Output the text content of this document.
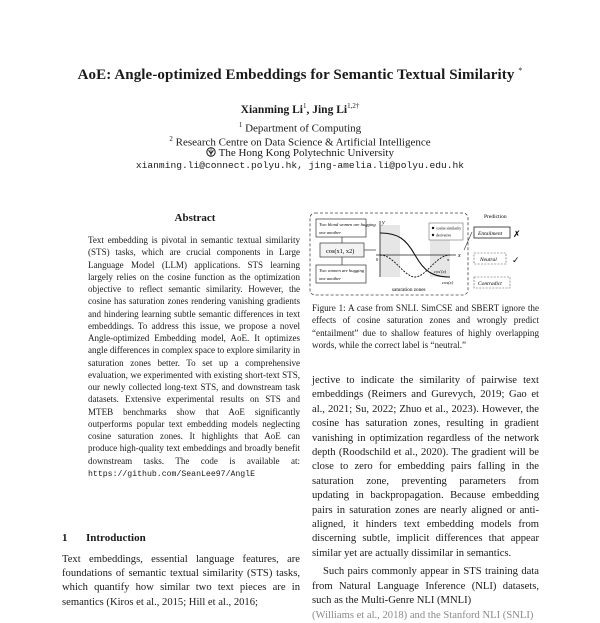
AoE: Angle-optimized Embeddings for Semantic Textual Similarity *
Xianming Li$^1$, Jing $Li^{1,2\dagger}$
$^1$ Department of Computing
$^2$ Research Centre on Data Science & Artificial Intelligence
The Hong Kong Polytechnic University
xianming.li@connect.polyu.hk, jing-amelia.li@polyu.edu.hk
Abstract
Text embedding is pivotal in semantic textual similarity (STS) tasks, which are crucial components in Large Language Model (LLM) applications. STS learning largely relies on the cosine function as the optimization objective to reflect semantic similarity. However, the cosine has saturation zones rendering vanishing gradients and hindering learning subtle semantic differences in text embeddings. To address this issue, we propose a novel Angle-optimized Embedding model, AoE. It optimizes angle differences in complex space to explore similarity in saturation zones better. To set up a comprehensive evaluation, we experimented with existing short-text STS, our newly collected long-text STS, and downstream task datasets. Extensive experimental results on STS and MTEB benchmarks show that AoE significantly outperforms popular text embedding models neglecting cosine saturation zones. It highlights that AoE can produce high-quality text embeddings and broadly benefit downstream tasks. The code is available at: https://github.com/SeanLee97/AnglE
1 Introduction
Text embeddings, essential language features, are foundations of semantic textual similarity (STS) tasks, which quantify how similar two text pieces are in semantics (Kiros et al., 2015; Hill et al., 2016;
Two blond women are hugging
one another
cos(x1, x2)
Two women are hugging
one another
y
x
0	π
cos'(x)
cos(x)
saturation zones
cosine similarity
derivative
Prediction
Entailment ✗
Neutral ✓
Contradict
Figure 1: A case from SNLI. SimCSE and SBERT ignore the effects of cosine saturation zones and wrongly predict “entailment” due to shallow features of highly overlapping words, while the correct label is “neutral.”

jective to indicate the similarity of pairwise text embeddings (Reimers and Gurevych, 2019; Gao et al., 2021; Su, 2022; Zhuo et al., 2023). However, the cosine has saturation zones, resulting in gradient vanishing in optimization regardless of the network depth (Roodschild et al., 2020). The gradient will be close to zero for embedding pairs falling in the saturation zone, preventing parameters from updating in backpropagation. Because embedding pairs in saturation zones are nearly aligned or anti-aligned, it hinders text embedding models from discerning subtle, implicit differences that appear similar yet are actually dissimilar in semantics.

Such pairs commonly appear in STS training data from Natural Language Inference (NLI) datasets, such as the Multi-Genre NLI (MNLI)

(Williams et al., 2018) and the Stanford NLI (SNLI)
